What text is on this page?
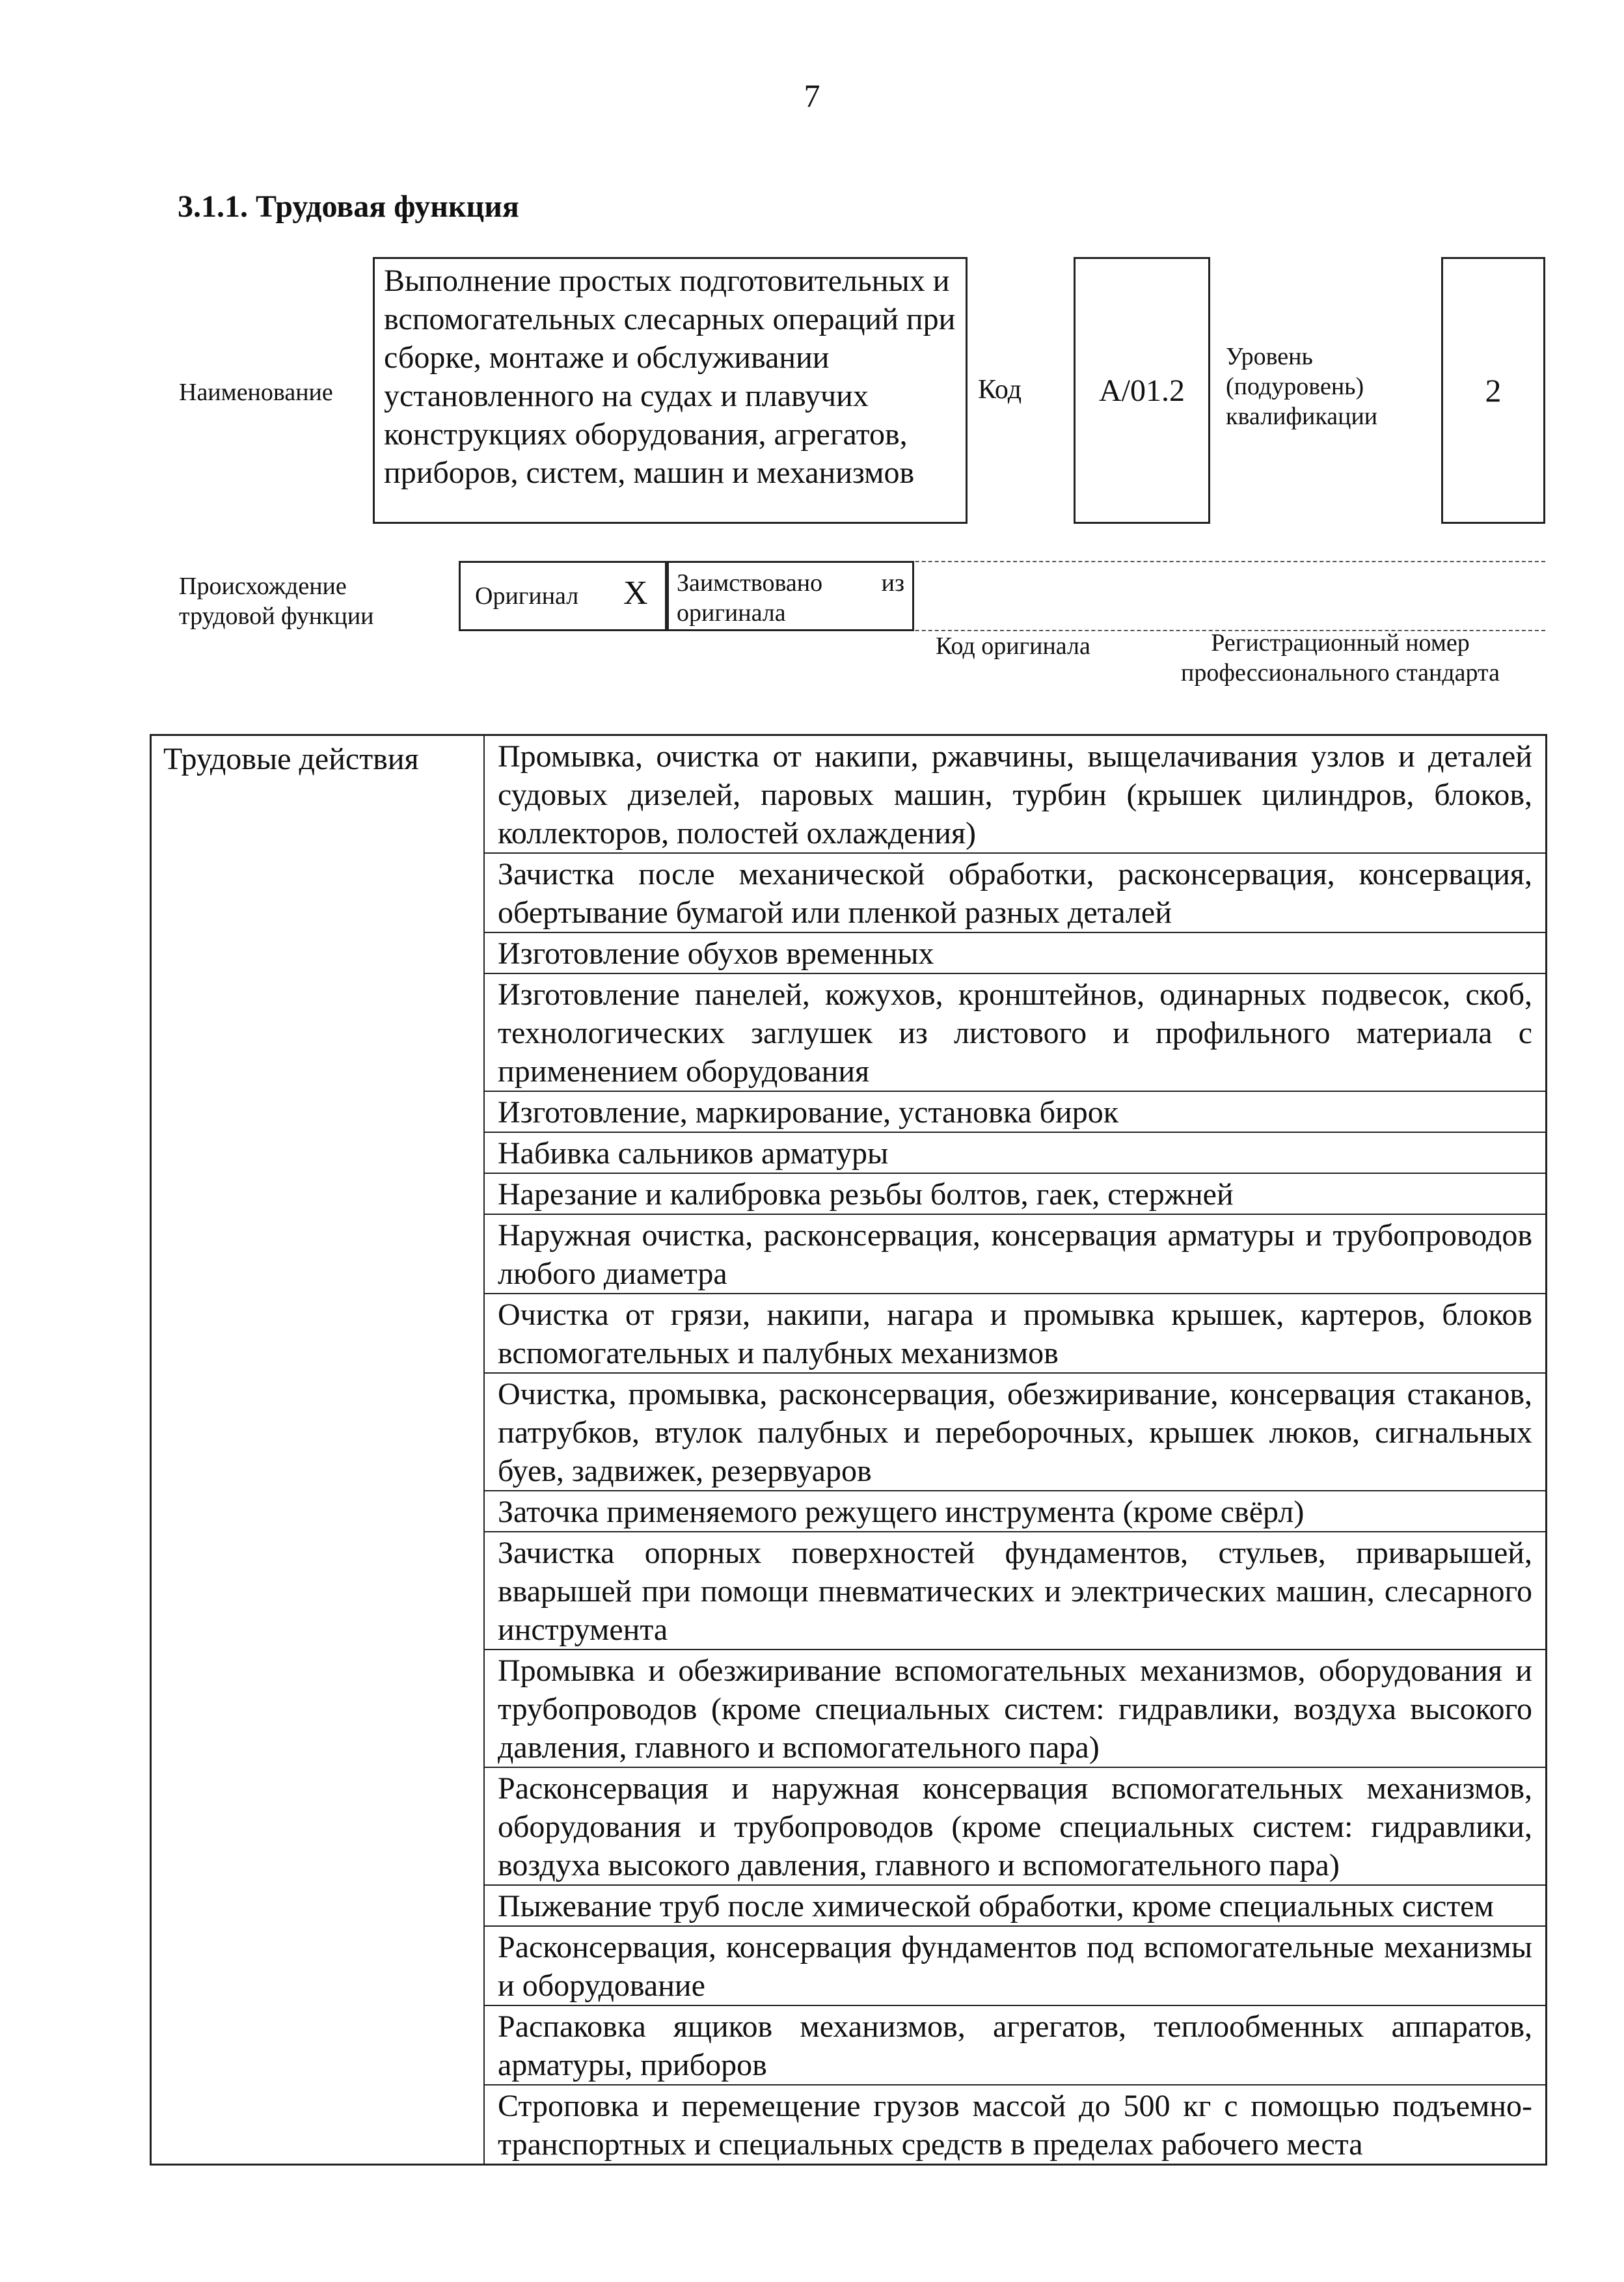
7
3.1.1. Трудовая функция
Наименование
Выполнение простых подготовительных и вспомогательных слесарных операций при сборке, монтаже и обслуживании установленного на судах и плавучих конструкциях оборудования, агрегатов, приборов, систем, машин и механизмов
Код	A/01.2
Уровень (подуровень) квалификации
2
Происхождение трудовой функции
Оригинал X Заимствовано из
оригинала
Код оригинала	Регистрационный номер профессионального стандарта
Трудовые действия	Промывка, очистка от накипи, ржавчины, выщелачивания узлов и деталей судовых дизелей, паровых машин, турбин (крышек цилиндров, блоков, коллекторов, полостей охлаждения)
Зачистка после механической обработки, расконсервация, консервация, обертывание бумагой или пленкой разных деталей
Изготовление обухов временных
Изготовление панелей, кожухов, кронштейнов, одинарных подвесок, скоб, технологических заглушек из листового и профильного материала с применением оборудования
Изготовление, маркирование, установка бирок
Набивка сальников арматуры
Нарезание и калибровка резьбы болтов, гаек, стержней
Наружная очистка, расконсервация, консервация арматуры и трубопроводов любого диаметра
Очистка от грязи, накипи, нагара и промывка крышек, картеров, блоков вспомогательных и палубных механизмов
Очистка, промывка, расконсервация, обезжиривание, консервация стаканов, патрубков, втулок палубных и переборочных, крышек люков, сигнальных буев, задвижек, резервуаров
Заточка применяемого режущего инструмента (кроме свёрл)
Зачистка опорных поверхностей фундаментов, стульев, приварышей, вварышей при помощи пневматических и электрических машин, слесарного инструмента
Промывка и обезжиривание вспомогательных механизмов, оборудования и трубопроводов (кроме специальных систем: гидравлики, воздуха высокого давления, главного и вспомогательного пара)
Расконсервация и наружная консервация вспомогательных механизмов, оборудования и трубопроводов (кроме специальных систем: гидравлики, воздуха высокого давления, главного и вспомогательного пара)
Пыжевание труб после химической обработки, кроме специальных систем
Расконсервация, консервация фундаментов под вспомогательные механизмы и оборудование
Распаковка ящиков механизмов, агрегатов, теплообменных аппаратов, арматуры, приборов
Строповка и перемещение грузов массой до 500 кг с помощью подъемно-транспортных и специальных средств в пределах рабочего места
